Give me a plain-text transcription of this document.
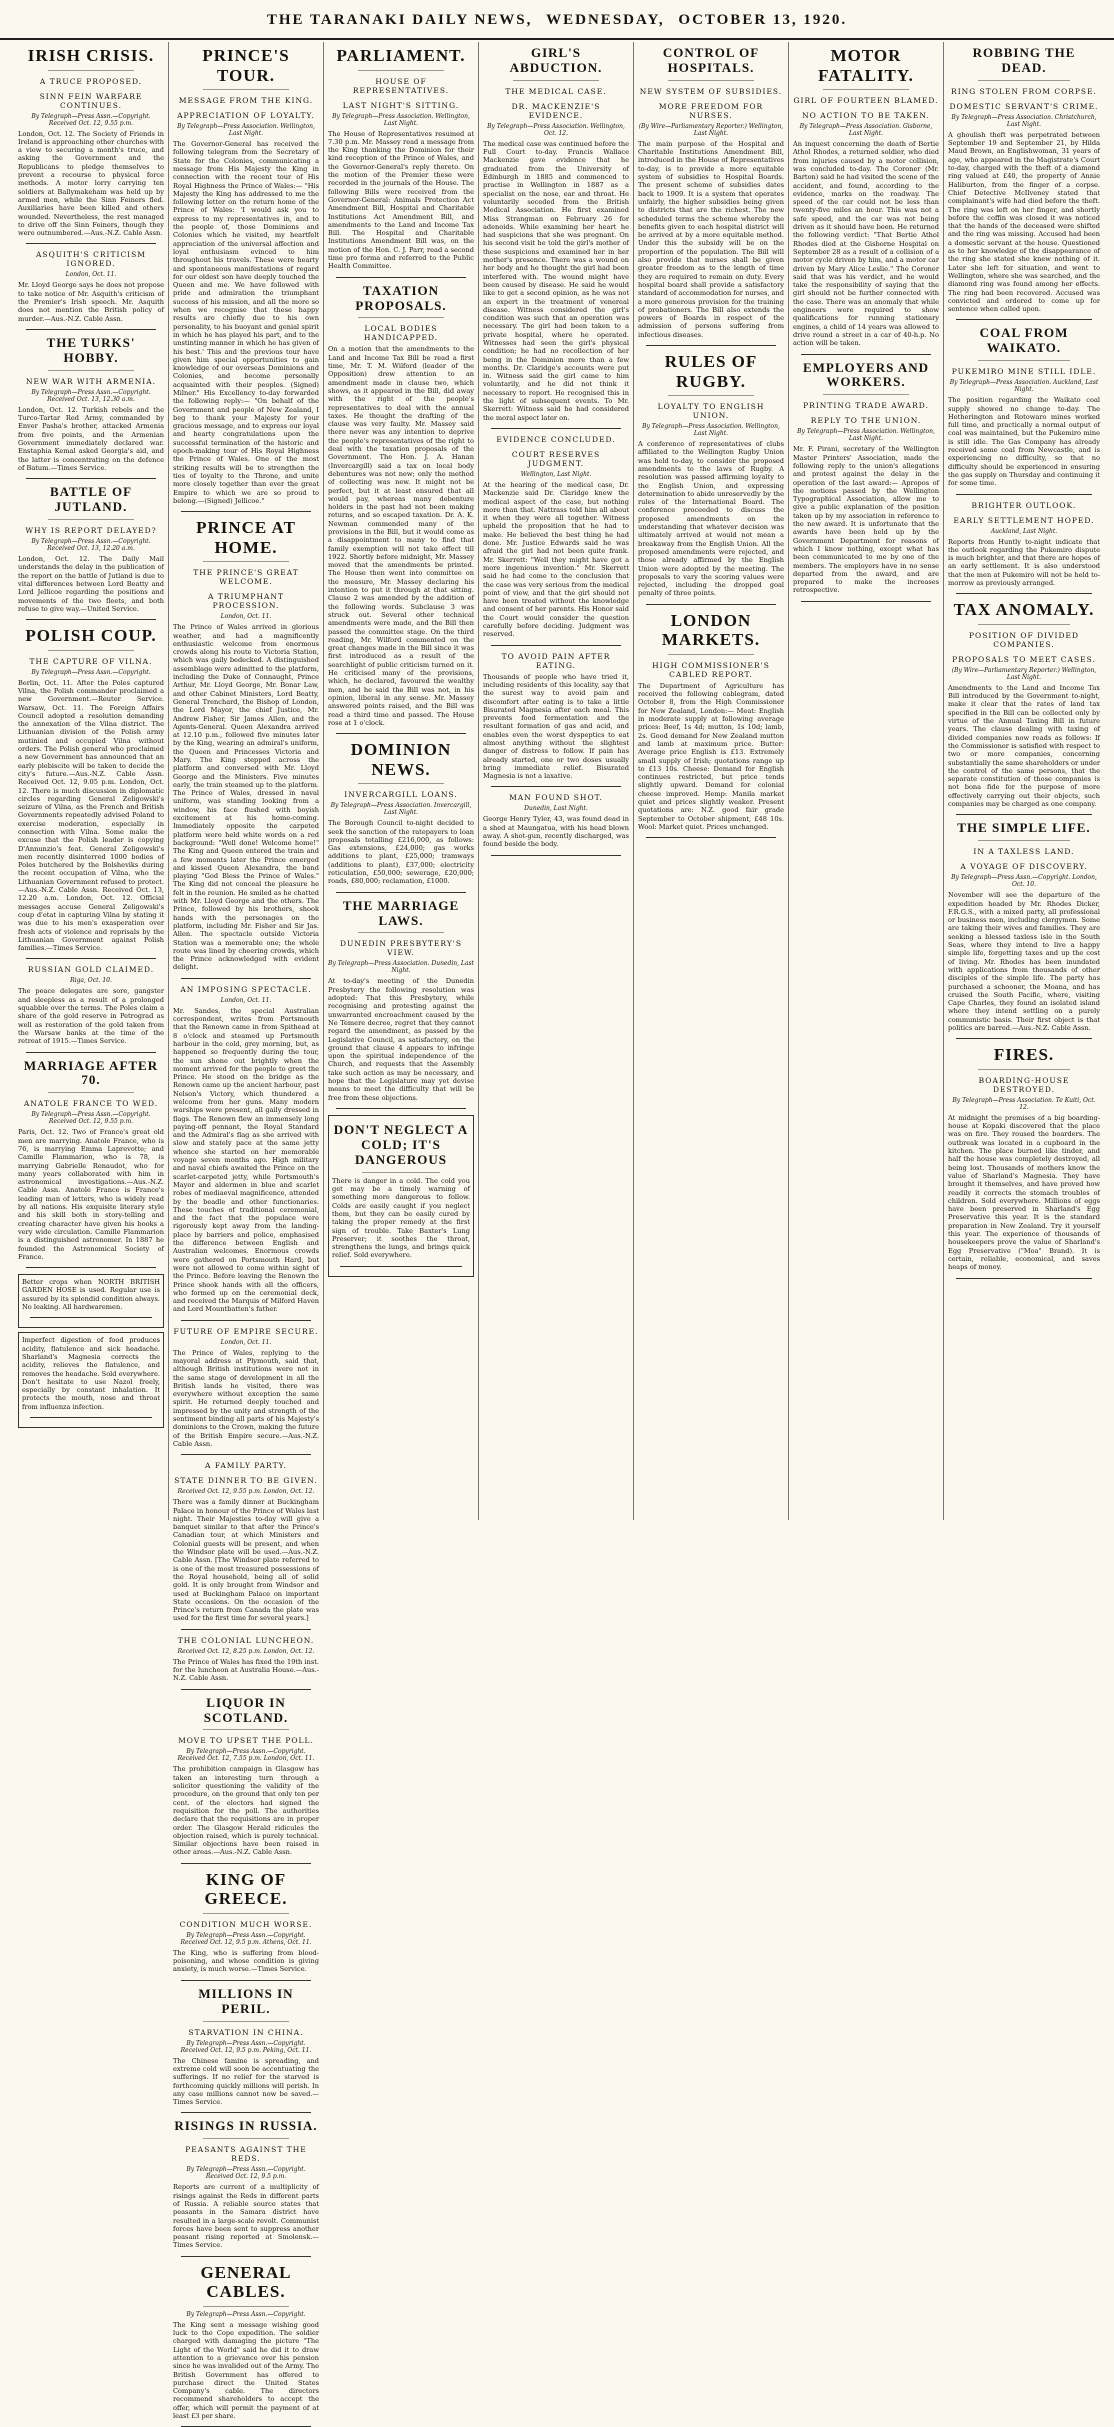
THE TARANAKI DAILY NEWS, WEDNESDAY, OCTOBER 13, 1920.
IRISH CRISIS.
A TRUCE PROPOSED.
SINN FEIN WARFARE CONTINUES.
By Telegraph—Press Assn.—Copyright. Received Oct. 12, 9.55 p.m.

London, Oct. 12. The Society of Friends in Ireland is approaching other churches with a view to securing a month's truce, and asking the Government and the Republicans to pledge themselves to prevent a recourse to physical force methods. A motor lorry carrying ten soldiers at Ballymakeham was held up by armed men, while the Sinn Feiners fled. Auxiliaries have been killed and others wounded. Nevertheless, the rest managed to drive off the Sinn Feiners, though they were outnumbered.—Aus.-N.Z. Cable Assn.

ASQUITH'S CRITICISM IGNORED.
London, Oct. 11.

Mr. Lloyd George says he does not propose to take notice of Mr. Asquith's criticism of the Premier's Irish speech. Mr. Asquith does not mention the British policy of murder.—Aus.-N.Z. Cable Assn.

THE TURKS' HOBBY.
NEW WAR WITH ARMENIA.
By Telegraph—Press Assn.—Copyright. Received Oct. 13, 12.30 a.m.

London, Oct. 12. Turkish rebels and the Turco-Tartar Red Army, commanded by Enver Pasha's brother, attacked Armenia from five points, and the Armenian Government immediately declared war. Enstaphia Kemal asked Georgia's aid, and the latter is concentrating on the defence of Batum.—Times Service.

BATTLE OF JUTLAND.
WHY IS REPORT DELAYED?
By Telegraph—Press Assn.—Copyright. Received Oct. 13, 12.20 a.m.

London, Oct. 12. The Daily Mail understands the delay in the publication of the report on the battle of Jutland is due to vital differences between Lord Beatty and Lord Jellicoe regarding the positions and movements of the two fleets, and both refuse to give way.—United Service.

POLISH COUP.
THE CAPTURE OF VILNA.
By Telegraph—Press Assn.—Copyright.

Berlin, Oct. 11. After the Poles captured Vilna, the Polish commander proclaimed a new Government.—Reuter Service. Warsaw, Oct. 11. The Foreign Affairs Council adopted a resolution demanding the annexation of the Vilna district. The Lithuanian division of the Polish army mutinied and occupied Vilna without orders. The Polish general who proclaimed a new Government has announced that an early plebiscite will be taken to decide the city's future.—Aus.-N.Z. Cable Assn. Received Oct. 12, 9.05 p.m. London, Oct. 12. There is much discussion in diplomatic circles regarding General Zeligowski's seizure of Vilna, as the French and British Governments repeatedly advised Poland to exercise moderation, especially in connection with Vilna. Some make the excuse that the Polish leader is copying D'Annunzio's feat. General Zeligowski's men recently disinterred 1000 bodies of Poles butchered by the Bolsheviks during the recent occupation of Vilna, who the Lithuanian Government refused to protect.—Aus.-N.Z. Cable Assn. Received Oct. 13, 12.20 a.m. London, Oct. 12. Official messages accuse General Zeligowski's coup d'etat in capturing Vilna by stating it was due to his men's exasperation over fresh acts of violence and reprisals by the Lithuanian Government against Polish families.—Times Service.

RUSSIAN GOLD CLAIMED.
Riga, Oct. 10.

The peace delegates are sore, gangster and sleepless as a result of a prolonged squabble over the terms. The Poles claim a share of the gold reserve in Petrograd as well as restoration of the gold taken from the Warsaw banks at the time of the retreat of 1915.—Times Service.

MARRIAGE AFTER 70.
ANATOLE FRANCE TO WED.
By Telegraph—Press Assn.—Copyright. Received Oct. 12, 9.55 p.m.

Paris, Oct. 12. Two of France's great old men are marrying. Anatole France, who is 76, is marrying Emma Laprevotte; and Camille Flammarion, who is 78, is marrying Gabrielle Renaudot, who for many years collaborated with him in astronomical investigations.—Aus.-N.Z. Cable Assn. Anatole France is France's leading man of letters, who is widely read by all nations. His exquisite literary style and his skill both in story-telling and creating character have given his books a very wide circulation. Camille Flammarion is a distinguished astronomer. In 1887 he founded the Astronomical Society of France.

Better crops when NORTH BRITISH GARDEN HOSE is used. Regular use is assured by its splendid condition always. No leaking. All hardwaremen.

Imperfect digestion of food produces acidity, flatulence and sick headache. Sharland's Magnesia corrects the acidity, relieves the flatulence, and removes the headache. Sold everywhere. Don't hesitate to use Nazol freely, especially by constant inhalation. It protects the mouth, nose and throat from influenza infection.

PRINCE'S TOUR.
MESSAGE FROM THE KING.
APPRECIATION OF LOYALTY.
By Telegraph—Press Association. Wellington, Last Night.

The Governor-General has received the following telegram from the Secretary of State for the Colonies, communicating a message from His Majesty the King in connection with the recent tour of His Royal Highness the Prince of Wales:— "His Majesty the King has addressed to me the following letter on the return home of the Prince of Wales: 'I would ask you to express to my representatives in, and to the people of, those Dominions and Colonies which he visited, my heartfelt appreciation of the universal affection and loyal enthusiasm evinced to him throughout his travels. These were hearty and spontaneous manifestations of regard for our oldest son have deeply touched the Queen and me. We have followed with pride and admiration the triumphant success of his mission, and all the more so when we recognise that these happy results are chiefly due to his own personality, to his buoyant and genial spirit in which he has played his part, and to the unstinting manner in which he has given of his best.' This and the previous tour have given him special opportunities to gain knowledge of our overseas Dominions and Colonies, and become personally acquainted with their peoples. (Signed) Milner." His Excellency to-day forwarded the following reply:— "On behalf of the Government and people of New Zealand, I beg to thank your Majesty for your gracious message, and to express our loyal and hearty congratulations upon the successful termination of the historic and epoch-making tour of His Royal Highness the Prince of Wales. One of the most striking results will be to strengthen the ties of loyalty to the Throne, and unite more closely together than ever the great Empire to which we are so proud to belong.—(Signed) Jellicoe."

PRINCE AT HOME.
THE PRINCE'S GREAT WELCOME.
A TRIUMPHANT PROCESSION.
London, Oct. 11.

The Prince of Wales arrived in glorious weather, and had a magnificently enthusiastic welcome from enormous crowds along his route to Victoria Station, which was gaily bedecked. A distinguished assemblage were admitted to the platform, including the Duke of Connaught, Prince Arthur, Mr. Lloyd George, Mr. Bonar Law, and other Cabinet Ministers, Lord Beatty, General Trenchard, the Bishop of London, the Lord Mayor, the chief Justice, Mr. Andrew Fisher, Sir James Allen, and the Agents-General. Queen Alexandra arrived at 12.10 p.m., followed five minutes later by the King, wearing an admiral's uniform, the Queen and Princesses Victoria and Mary. The King stepped across the platform and conversed with Mr. Lloyd George and the Ministers. Five minutes early, the train steamed up to the platform. The Prince of Wales, dressed in naval uniform, was standing looking from a window, his face flushed with boyish excitement at his home-coming. Immediately opposite the carpeted platform were held white words on a red background: "Well done! Welcome home!" The King and Queen entered the train and a few moments later the Prince emerged and kissed Queen Alexandra, the band playing "God Bless the Prince of Wales." The King did not conceal the pleasure he felt in the reunion. He smiled as he chatted with Mr. Lloyd George and the others. The Prince, followed by his brothers, shook hands with the personages on the platform, including Mr. Fisher and Sir Jas. Allen. The spectacle outside Victoria Station was a memorable one; the whole route was lined by cheering crowds, which the Prince acknowledged with evident delight.

AN IMPOSING SPECTACLE.
London, Oct. 11.

Mr. Sandes, the special Australian correspondent, writes from Portsmouth that the Renown came in from Spithead at 8 o'clock and steamed up Portsmouth harbour in the cold, grey morning, but, as happened so frequently during the tour, the sun shone out brightly when the moment arrived for the people to greet the Prince. He stood on the bridge as the Renown came up the ancient harbour, past Nelson's Victory, which thundered a welcome from her guns. Many modern warships were present, all gaily dressed in flags. The Renown flew an immensely long paying-off pennant, the Royal Standard and the Admiral's flag as she arrived with slow and stately pace at the same jetty whence she started on her memorable voyage seven months ago. High military and naval chiefs awaited the Prince on the scarlet-carpeted jetty, while Portsmouth's Mayor and aldermen in blue and scarlet robes of mediaeval magnificence, attended by the beadle and other functionaries. These touches of traditional ceremonial, and the fact that the populace were rigorously kept away from the landing-place by barriers and police, emphasised the difference between English and Australian welcomes. Enormous crowds were gathered on Portsmouth Hard, but were not allowed to come within sight of the Prince. Before leaving the Renown the Prince shook hands with all the officers, who formed up on the ceremonial deck, and received the Marquis of Milford Haven and Lord Mountbatten's father.

FUTURE OF EMPIRE SECURE.
London, Oct. 11.

The Prince of Wales, replying to the mayoral address at Plymouth, said that, although British institutions were not in the same stage of development in all the British lands he visited, there was everywhere without exception the same spirit. He returned deeply touched and impressed by the unity and strength of the sentiment binding all parts of his Majesty's dominions to the Crown, making the future of the British Empire secure.—Aus.-N.Z. Cable Assn.

A FAMILY PARTY.
STATE DINNER TO BE GIVEN.
Received Oct. 12, 9.55 p.m. London, Oct. 12.

There was a family dinner at Buckingham Palace in honour of the Prince of Wales last night. Their Majesties to-day will give a banquet similar to that after the Prince's Canadian tour, at which Ministers and Colonial guests will be present, and when the Windsor plate will be used.—Aus.-N.Z. Cable Assn. [The Windsor plate referred to is one of the most treasured possessions of the Royal household, being all of solid gold. It is only brought from Windsor and used at Buckingham Palace on important State occasions. On the occasion of the Prince's return from Canada the plate was used for the first time for several years.]

THE COLONIAL LUNCHEON.
Received Oct. 12, 8.25 p.m. London, Oct. 12.

The Prince of Wales has fixed the 19th inst. for the luncheon at Australia House.—Aus.-N.Z. Cable Assn.

LIQUOR IN SCOTLAND.
MOVE TO UPSET THE POLL.
By Telegraph—Press Assn.—Copyright. Received Oct. 12, 7.55 p.m. London, Oct. 11.

The prohibition campaign in Glasgow has taken an interesting turn through a solicitor questioning the validity of the procedure, on the ground that only ten per cent. of the electors had signed the requisition for the poll. The authorities declare that the requisitions are in proper order. The Glasgow Herald ridicules the objection raised, which is purely technical. Similar objections have been raised in other areas.—Aus.-N.Z. Cable Assn.

KING OF GREECE.
CONDITION MUCH WORSE.
By Telegraph—Press Assn.—Copyright. Received Oct. 12, 9.5 p.m. Athens, Oct. 11.

The King, who is suffering from blood-poisoning, and whose condition is giving anxiety, is much worse.—Times Service.

MILLIONS IN PERIL.
STARVATION IN CHINA.
By Telegraph—Press Assn.—Copyright. Received Oct. 12, 9.5 p.m. Peking, Oct. 11.

The Chinese famine is spreading, and extreme cold will soon be accentuating the sufferings. If no relief for the starved is forthcoming quickly millions will perish. In any case millions cannot now be saved.—Times Service.

RISINGS IN RUSSIA.
PEASANTS AGAINST THE REDS.
By Telegraph—Press Assn.—Copyright. Received Oct. 12, 9.5 p.m.

Reports are current of a multiplicity of risings against the Reds in different parts of Russia. A reliable source states that peasants in the Samara district have resulted in a large-scale revolt. Communist forces have been sent to suppress another peasant rising reported at Smolensk.—Times Service.

GENERAL CABLES.
By Telegraph—Press Assn.—Copyright.

The King sent a message wishing good luck to the Cope expedition. The soldier charged with damaging the picture "The Light of the World" said he did it to draw attention to a grievance over his pension since he was invalided out of the Army. The British Government has offered to purchase direct the United States Company's cable. The directors recommend shareholders to accept the offer, which will permit the payment of at least £3 per share.

PARLIAMENT.
HOUSE OF REPRESENTATIVES.
LAST NIGHT'S SITTING.
By Telegraph—Press Association. Wellington, Last Night.

The House of Representatives resumed at 7.30 p.m. Mr. Massey read a message from the King thanking the Dominion for their kind reception of the Prince of Wales, and the Governor-General's reply thereto. On the motion of the Premier these were recorded in the journals of the House. The following Bills were received from the Governor-General: Animals Protection Act Amendment Bill, Hospital and Charitable Institutions Act Amendment Bill, and amendments to the Land and Income Tax Bill. The Hospital and Charitable Institutions Amendment Bill was, on the motion of the Hon. C. J. Parr, read a second time pro forma and referred to the Public Health Committee.

TAXATION PROPOSALS.
LOCAL BODIES HANDICAPPED.

On a motion that the amendments to the Land and Income Tax Bill be read a first time, Mr. T. M. Wilford (leader of the Opposition) drew attention to an amendment made in clause two, which shows, as it appeared in the Bill, did away with the right of the people's representatives to deal with the annual taxes. He thought the drafting of the clause was very faulty. Mr. Massey said there never was any intention to deprive the people's representatives of the right to deal with the taxation proposals of the Government. The Hon. J. A. Hanan (Invercargill) said a tax on local body debentures was not new; only the method of collecting was new. It might not be perfect, but it at least ensured that all would pay, whereas many debenture holders in the past had not been making returns, and so escaped taxation. Dr. A. K. Newman commended many of the provisions in the Bill, but it would come as a disappointment to many to find that family exemption will not take effect till 1922. Shortly before midnight, Mr. Massey moved that the amendments be printed. The House then went into committee on the measure, Mr. Massey declaring his intention to put it through at that sitting. Clause 2 was amended by the addition of the following words. Subclause 3 was struck out. Several other technical amendments were made, and the Bill then passed the committee stage. On the third reading, Mr. Wilford commented on the great changes made in the Bill since it was first introduced as a result of the searchlight of public criticism turned on it. He criticised many of the provisions, which, he declared, favoured the wealthy men, and he said the Bill was not, in his opinion, liberal in any sense. Mr. Massey answered points raised, and the Bill was read a third time and passed. The House rose at 1 o'clock.

DOMINION NEWS.
INVERCARGILL LOANS.
By Telegraph—Press Association. Invercargill, Last Night.

The Borough Council to-night decided to seek the sanction of the ratepayers to loan proposals totalling £216,000, as follows: Gas extensions, £24,000; gas works additions to plant, £25,000; tramways (additions to plant), £37,000; electricity reticulation, £50,000; sewerage, £20,000; roads, £80,000; reclamation, £1000.

THE MARRIAGE LAWS.
DUNEDIN PRESBYTERY'S VIEW.
By Telegraph—Press Association. Dunedin, Last Night.

At to-day's meeting of the Dunedin Presbytery the following resolution was adopted: That this Presbytery, while recognising and protesting against the unwarranted encroachment caused by the Ne Temere decree, regret that they cannot regard the amendment, as passed by the Legislative Council, as satisfactory, on the ground that clause 4 appears to infringe upon the spiritual independence of the Church, and requests that the Assembly take such action as may be necessary, and hope that the Legislature may yet devise means to meet the difficulty that will be free from these objections.

DON'T NEGLECT A COLD; IT'S DANGEROUS

There is danger in a cold. The cold you get may be a timely warning of something more dangerous to follow. Colds are easily caught if you neglect them, but they can be easily cured by taking the proper remedy at the first sign of trouble. Take Baxter's Lung Preserver; it soothes the throat, strengthens the lungs, and brings quick relief. Sold everywhere.

GIRL'S ABDUCTION.
THE MEDICAL CASE.
DR. MACKENZIE'S EVIDENCE.
By Telegraph—Press Association. Wellington, Oct. 12.

The medical case was continued before the Full Court to-day. Francis Wallace Mackenzie gave evidence that he graduated from the University of Edinburgh in 1885 and commenced to practise in Wellington in 1887 as a specialist on the nose, ear and throat. He voluntarily seceded from the British Medical Association. He first examined Miss Strangman on February 26 for adenoids. While examining her heart he had suspicions that she was pregnant. On his second visit he told the girl's mother of these suspicions and examined her in her mother's presence. There was a wound on her body and he thought the girl had been interfered with. The wound might have been caused by disease. He said he would like to get a second opinion, as he was not an expert in the treatment of venereal disease. Witness considered the girl's condition was such that an operation was necessary. The girl had been taken to a private hospital, where he operated. Witnesses had seen the girl's physical condition; he had no recollection of her being in the Dominion more than a few months. Dr. Claridge's accounts were put in. Witness said the girl came to him voluntarily, and he did not think it necessary to report. He recognised this in the light of subsequent events. To Mr. Skerrett: Witness said he had considered the moral aspect later on.

EVIDENCE CONCLUDED.
COURT RESERVES JUDGMENT.
Wellington, Last Night.

At the hearing of the medical case, Dr. Mackenzie said Dr. Claridge knew the medical aspect of the case, but nothing more than that. Nattrass told him all about it when they were all together. Witness upheld the proposition that he had to make. He believed the best thing he had done. Mr. Justice Edwards said he was afraid the girl had not been quite frank. Mr. Skerrett: "Well they might have got a more ingenious invention." Mr. Skerrett said he had come to the conclusion that the case was very serious from the medical point of view, and that the girl should not have been treated without the knowledge and consent of her parents. His Honor said the Court would consider the question carefully before deciding. Judgment was reserved.

TO AVOID PAIN AFTER EATING.

Thousands of people who have tried it, including residents of this locality, say that the surest way to avoid pain and discomfort after eating is to take a little Bisurated Magnesia after each meal. This prevents food fermentation and the resultant formation of gas and acid, and enables even the worst dyspeptics to eat almost anything without the slightest danger of distress to follow. If pain has already started, one or two doses usually bring immediate relief. Bisurated Magnesia is not a laxative.

MAN FOUND SHOT.
Dunedin, Last Night.

George Henry Tyler, 43, was found dead in a shed at Maungatua, with his head blown away. A shot-gun, recently discharged, was found beside the body.

CONTROL OF HOSPITALS.
NEW SYSTEM OF SUBSIDIES.
MORE FREEDOM FOR NURSES.
(By Wire—Parliamentary Reporter.) Wellington, Last Night.

The main purpose of the Hospital and Charitable Institutions Amendment Bill, introduced in the House of Representatives to-day, is to provide a more equitable system of subsidies to Hospital Boards. The present scheme of subsidies dates back to 1909. It is a system that operates unfairly, the higher subsidies being given to districts that are the richest. The new scheduled terms the scheme whereby the benefits given to each hospital district will be arrived at by a more equitable method. Under this the subsidy will be on the proportion of the population. The Bill will also provide that nurses shall be given greater freedom as to the length of time they are required to remain on duty. Every hospital board shall provide a satisfactory standard of accommodation for nurses, and a more generous provision for the training of probationers. The Bill also extends the powers of Boards in respect of the admission of persons suffering from infectious diseases.

RULES OF RUGBY.
LOYALTY TO ENGLISH UNION.
By Telegraph—Press Association. Wellington, Last Night.

A conference of representatives of clubs affiliated to the Wellington Rugby Union was held to-day, to consider the proposed amendments to the laws of Rugby. A resolution was passed affirming loyalty to the English Union, and expressing determination to abide unreservedly by the rules of the International Board. The conference proceeded to discuss the proposed amendments on the understanding that whatever decision was ultimately arrived at would not mean a breakaway from the English Union. All the proposed amendments were rejected, and those already affirmed by the English Union were adopted by the meeting. The proposals to vary the scoring values were rejected, including the dropped goal penalty of three points.

LONDON MARKETS.
HIGH COMMISSIONER'S CABLED REPORT.

The Department of Agriculture has received the following cablegram, dated October 8, from the High Commissioner for New Zealand, London:— Meat: English in moderate supply at following average prices: Beef, 1s 4d; mutton, 1s 10d; lamb, 2s. Good demand for New Zealand mutton and lamb at maximum price. Butter: Average price English is £13. Extremely small supply of Irish; quotations range up to £13 10s. Cheese: Demand for English continues restricted, but price tends slightly upward. Demand for colonial cheese improved. Hemp: Manila market quiet and prices slightly weaker. Present quotations are: N.Z. good fair grade September to October shipment, £48 10s. Wool: Market quiet. Prices unchanged.

MOTOR FATALITY.
GIRL OF FOURTEEN BLAMED.
NO ACTION TO BE TAKEN.
By Telegraph—Press Association. Gisborne, Last Night.

An inquest concerning the death of Bertie Athol Rhodes, a returned soldier, who died from injuries caused by a motor collision, was concluded to-day. The Coroner (Mr. Barton) said he had visited the scene of the accident, and found, according to the evidence, marks on the roadway. The speed of the car could not be less than twenty-five miles an hour. This was not a safe speed, and the car was not being driven as it should have been. He returned the following verdict: "That Bertie Athol Rhodes died at the Gisborne Hospital on September 28 as a result of a collision of a motor cycle driven by him, and a motor car driven by Mary Alice Leslie." The Coroner said that was his verdict, and he would take the responsibility of saying that the girl should not be further connected with the case. There was an anomaly that while engineers were required to show qualifications for running stationary engines, a child of 14 years was allowed to drive round a street in a car of 40-h.p. No action will be taken.

EMPLOYERS AND WORKERS.
PRINTING TRADE AWARD.
REPLY TO THE UNION.
By Telegraph—Press Association. Wellington, Last Night.

Mr. F. Pirani, secretary of the Wellington Master Printers' Association, made the following reply to the union's allegations and protest against the delay in the operation of the last award:— Apropos of the motions passed by the Wellington Typographical Association, allow me to give a public explanation of the position taken up by my association in reference to the new award. It is unfortunate that the awards have been held up by the Government Department for reasons of which I know nothing, except what has been communicated to me by one of the members. The employers have in no sense departed from the award, and are prepared to make the increases retrospective.

ROBBING THE DEAD.
RING STOLEN FROM CORPSE.
DOMESTIC SERVANT'S CRIME.
By Telegraph—Press Association. Christchurch, Last Night.

A ghoulish theft was perpetrated between September 19 and September 21, by Hilda Maud Brown, an Englishwoman, 31 years of age, who appeared in the Magistrate's Court to-day, charged with the theft of a diamond ring valued at £40, the property of Annie Haliburton, from the finger of a corpse. Chief Detective McIlveney stated that complainant's wife had died before the theft. The ring was left on her finger, and shortly before the coffin was closed it was noticed that the hands of the deceased were shifted and the ring was missing. Accused had been a domestic servant at the house. Questioned as to her knowledge of the disappearance of the ring she stated she knew nothing of it. Later she left for situation, and went to Wellington, where she was searched, and the diamond ring was found among her effects. The ring had been recovered. Accused was convicted and ordered to come up for sentence when called upon.

COAL FROM WAIKATO.
PUKEMIRO MINE STILL IDLE.
By Telegraph—Press Association. Auckland, Last Night.

The position regarding the Waikato coal supply showed no change to-day. The Hetherington and Rotowaro mines worked full time, and practically a normal output of coal was maintained, but the Pukemiro mine is still idle. The Gas Company has already received some coal from Newcastle, and is experiencing no difficulty, so that no difficulty should be experienced in ensuring the gas supply on Thursday and continuing it for some time.

BRIGHTER OUTLOOK.
EARLY SETTLEMENT HOPED.
Auckland, Last Night.

Reports from Huntly to-night indicate that the outlook regarding the Pukemiro dispute is much brighter, and that there are hopes of an early settlement. It is also understood that the men at Pukemiro will not be held to-morrow as previously arranged.

TAX ANOMALY.
POSITION OF DIVIDED COMPANIES.
PROPOSALS TO MEET CASES.
(By Wire—Parliamentary Reporter.) Wellington, Last Night.

Amendments to the Land and Income Tax Bill introduced by the Government to-night, make it clear that the rates of land tax specified in the Bill can be collected only by virtue of the Annual Taxing Bill in future years. The clause dealing with taxing of divided companies now reads as follows: If the Commissioner is satisfied with respect to two or more companies, concerning substantially the same shareholders or under the control of the same persons, that the separate constitution of those companies is not bona fide for the purpose of more effectively carrying out their objects, such companies may be charged as one company.

THE SIMPLE LIFE.
IN A TAXLESS LAND.
A VOYAGE OF DISCOVERY.
By Telegraph—Press Assn.—Copyright. London, Oct. 10.

November will see the departure of the expedition headed by Mr. Rhodes Dicker, F.R.G.S., with a mixed party, all professional or business men, including clergymen. Some are taking their wives and families. They are seeking a blessed taxless isle in the South Seas, where they intend to live a happy simple life, forgetting taxes and up the cost of living. Mr. Rhodes has been inundated with applications from thousands of other disciples of the simple life. The party has purchased a schooner, the Moana, and has cruised the South Pacific, where, visiting Cape Charles, they found an isolated island where they intend settling on a purely communistic basis. Their first object is that politics are barred.—Aus.-N.Z. Cable Assn.

FIRES.
BOARDING-HOUSE DESTROYED.
By Telegraph—Press Association. Te Kuiti, Oct. 12.

At midnight the premises of a big boarding-house at Kopaki discovered that the place was on fire. They roused the boarders. The outbreak was located in a cupboard in the kitchen. The place burned like tinder, and half the house was completely destroyed, all being lost. Thousands of mothers know the value of Sharland's Magnesia. They have brought it themselves, and have proved how readily it corrects the stomach troubles of children. Sold everywhere. Millions of eggs have been preserved in Sharland's Egg Preservative this year. It is the standard preparation in New Zealand. Try it yourself this year. The experience of thousands of housekeepers prove the value of Sharland's Egg Preservative ("Moa" Brand). It is certain, reliable, economical, and saves heaps of money.
